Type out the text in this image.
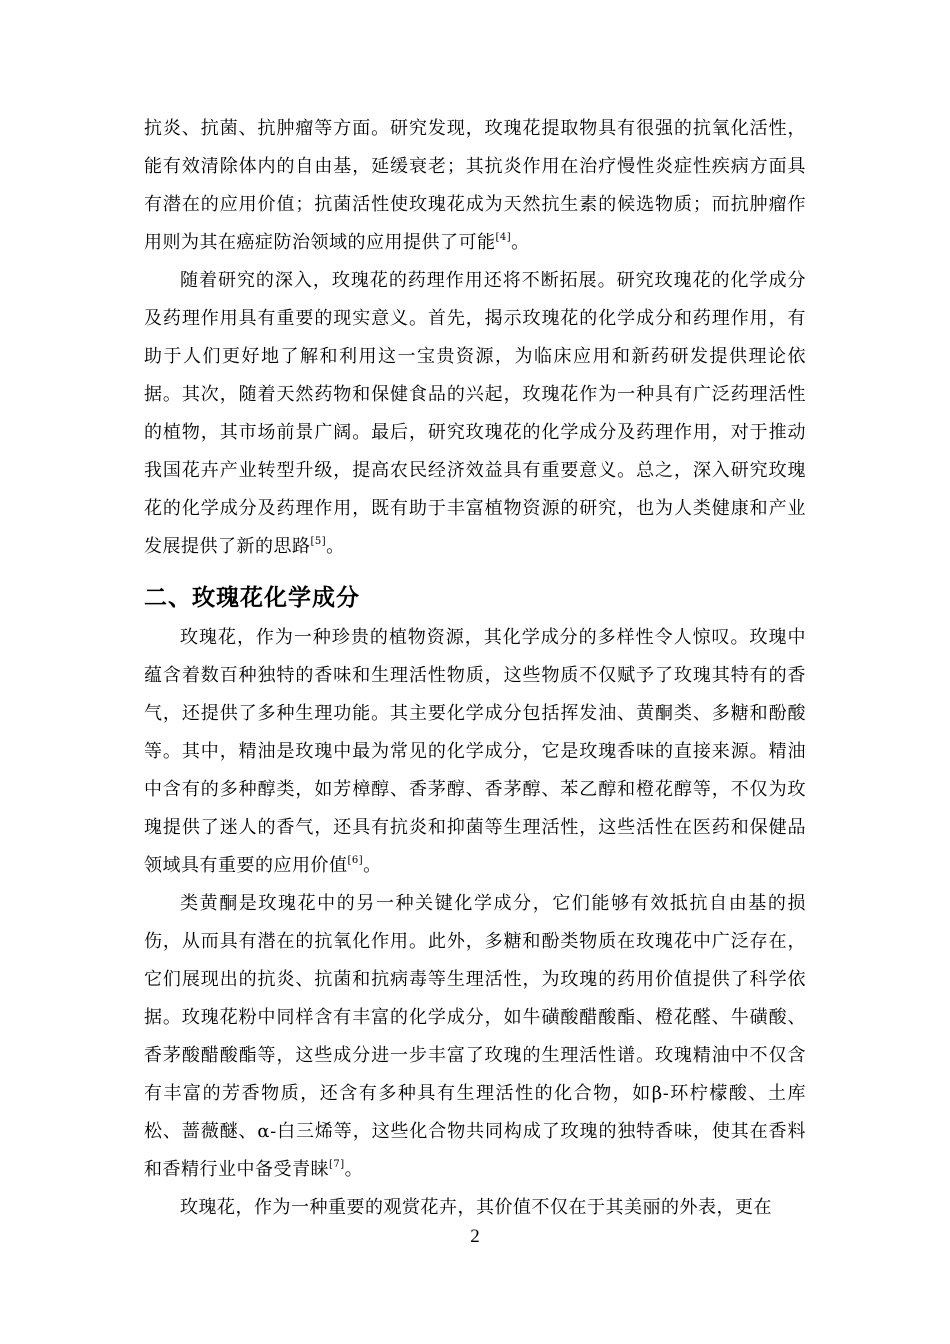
抗炎、抗菌、抗肿瘤等方面。研究发现，玫瑰花提取物具有很强的抗氧化活性，能有效清除体内的自由基，延缓衰老；其抗炎作用在治疗慢性炎症性疾病方面具有潜在的应用价值；抗菌活性使玫瑰花成为天然抗生素的候选物质；而抗肿瘤作用则为其在癌症防治领域的应用提供了可能[4]。

随着研究的深入，玫瑰花的药理作用还将不断拓展。研究玫瑰花的化学成分及药理作用具有重要的现实意义。首先，揭示玫瑰花的化学成分和药理作用，有助于人们更好地了解和利用这一宝贵资源，为临床应用和新药研发提供理论依据。其次，随着天然药物和保健食品的兴起，玫瑰花作为一种具有广泛药理活性的植物，其市场前景广阔。最后，研究玫瑰花的化学成分及药理作用，对于推动我国花卉产业转型升级，提高农民经济效益具有重要意义。总之，深入研究玫瑰花的化学成分及药理作用，既有助于丰富植物资源的研究，也为人类健康和产业发展提供了新的思路[5]。

二、玫瑰花化学成分

玫瑰花，作为一种珍贵的植物资源，其化学成分的多样性令人惊叹。玫瑰中蕴含着数百种独特的香味和生理活性物质，这些物质不仅赋予了玫瑰其特有的香气，还提供了多种生理功能。其主要化学成分包括挥发油、黄酮类、多糖和酚酸等。其中，精油是玫瑰中最为常见的化学成分，它是玫瑰香味的直接来源。精油中含有的多种醇类，如芳樟醇、香茅醇、香茅醇、苯乙醇和橙花醇等，不仅为玫瑰提供了迷人的香气，还具有抗炎和抑菌等生理活性，这些活性在医药和保健品领域具有重要的应用价值[6]。

类黄酮是玫瑰花中的另一种关键化学成分，它们能够有效抵抗自由基的损伤，从而具有潜在的抗氧化作用。此外，多糖和酚类物质在玫瑰花中广泛存在，它们展现出的抗炎、抗菌和抗病毒等生理活性，为玫瑰的药用价值提供了科学依据。玫瑰花粉中同样含有丰富的化学成分，如牛磺酸醋酸酯、橙花醛、牛磺酸、香茅酸醋酸酯等，这些成分进一步丰富了玫瑰的生理活性谱。玫瑰精油中不仅含有丰富的芳香物质，还含有多种具有生理活性的化合物，如β-环柠檬酸、土库松、蔷薇醚、α-白三烯等，这些化合物共同构成了玫瑰的独特香味，使其在香料和香精行业中备受青睐[7]。

玫瑰花，作为一种重要的观赏花卉，其价值不仅在于其美丽的外表，更在

2
